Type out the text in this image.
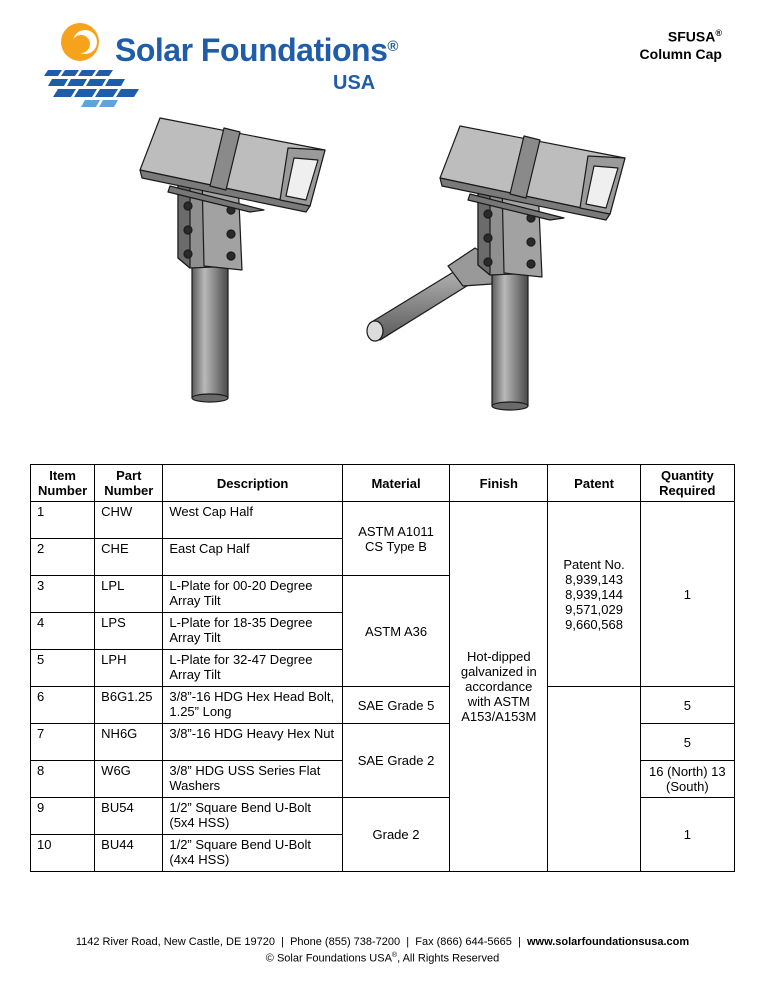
Solar Foundations®
USA
SFUSA®
Column Cap
Item Number	Part Number	Description	Material	Finish	Patent	Quantity Required
1	CHW	West Cap Half	ASTM A1011 CS Type B	Hot-dipped galvanized in accordance with ASTM A153/A153M	Patent No. 8,939,143 8,939,144 9,571,029 9,660,568	1
2	CHE	East Cap Half				
3	LPL	L-Plate for 00-20 Degree Array Tilt	ASTM A36			
4	LPS	L-Plate for 18-35 Degree Array Tilt				
5	LPH	L-Plate for 32-47 Degree Array Tilt				
6	B6G1.25	3/8”-16 HDG Hex Head Bolt, 1.25” Long	SAE Grade 5			5
7	NH6G	3/8”-16 HDG Heavy Hex Nut	SAE Grade 2			5
8	W6G	3/8” HDG USS Series Flat Washers				16 (North) 13 (South)
9	BU54	1/2” Square Bend U-Bolt (5x4 HSS)	Grade 2			1
10	BU44	1/2” Square Bend U-Bolt (4x4 HSS)				
1142 River Road, New Castle, DE 19720  |  Phone (855) 738-7200  |  Fax (866) 644-5665  |  www.solarfoundationsusa.com
© Solar Foundations USA®, All Rights Reserved
